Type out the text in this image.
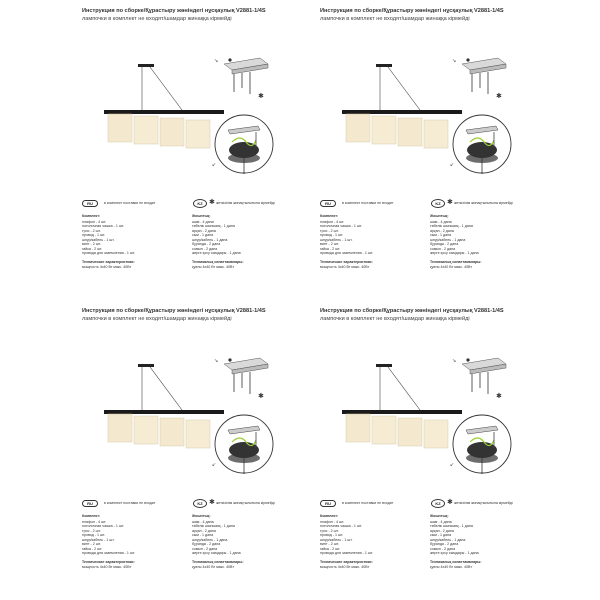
Инструкция по сборке/Құрастыру жөніндегі нұсқаулық V2881-1/4S
лампочки в комплект не входят/шамдар жинаққа кірмейді
✱
↘
↙
RU	в комплект поставки не входит	KZ ✱ жеткізілім жинақтылығына кірмейді
Комплект:
плафон - 4 шт.
потолочная чашка - 1 шт.
трос - 2 шт.
провод - 1 шт.
шнур/кабель - 1 шт.
винт - 2 шт.
гайка - 2 шт.
провода для заземления - 1 шт.
Технические характеристики:
мощность 4х40 Вт макс. 40Вт
Жиынтық:
шам - 4 дана
төбелік шыныаяқ - 1 дана
арқан - 2 дана
сым - 1 дана
шнур/кабель - 1 дана
бұранда - 2 дана
сомын - 2 дана
жерге қосу сымдары - 1 дана
Техникалық сипаттамалары:
қуаты 4х40 Вт макс. 40Вт
Инструкция по сборке/Құрастыру жөніндегі нұсқаулық V2881-1/4S
лампочки в комплект не входят/шамдар жинаққа кірмейді
✱
↘
↙
RU	в комплект поставки не входит	KZ ✱ жеткізілім жинақтылығына кірмейді
Комплект:
плафон - 4 шт.
потолочная чашка - 1 шт.
трос - 2 шт.
провод - 1 шт.
шнур/кабель - 1 шт.
винт - 2 шт.
гайка - 2 шт.
провода для заземления - 1 шт.
Технические характеристики:
мощность 4х40 Вт макс. 40Вт
Жиынтық:
шам - 4 дана
төбелік шыныаяқ - 1 дана
арқан - 2 дана
сым - 1 дана
шнур/кабель - 1 дана
бұранда - 2 дана
сомын - 2 дана
жерге қосу сымдары - 1 дана
Техникалық сипаттамалары:
қуаты 4х40 Вт макс. 40Вт
Инструкция по сборке/Құрастыру жөніндегі нұсқаулық V2881-1/4S
лампочки в комплект не входят/шамдар жинаққа кірмейді
✱
↘
↙
RU	в комплект поставки не входит	KZ ✱ жеткізілім жинақтылығына кірмейді
Комплект:
плафон - 4 шт.
потолочная чашка - 1 шт.
трос - 2 шт.
провод - 1 шт.
шнур/кабель - 1 шт.
винт - 2 шт.
гайка - 2 шт.
провода для заземления - 1 шт.
Технические характеристики:
мощность 4х40 Вт макс. 40Вт
Жиынтық:
шам - 4 дана
төбелік шыныаяқ - 1 дана
арқан - 2 дана
сым - 1 дана
шнур/кабель - 1 дана
бұранда - 2 дана
сомын - 2 дана
жерге қосу сымдары - 1 дана
Техникалық сипаттамалары:
қуаты 4х40 Вт макс. 40Вт
Инструкция по сборке/Құрастыру жөніндегі нұсқаулық V2881-1/4S
лампочки в комплект не входят/шамдар жинаққа кірмейді
✱
↘
↙
RU	в комплект поставки не входит	KZ ✱ жеткізілім жинақтылығына кірмейді
Комплект:
плафон - 4 шт.
потолочная чашка - 1 шт.
трос - 2 шт.
провод - 1 шт.
шнур/кабель - 1 шт.
винт - 2 шт.
гайка - 2 шт.
провода для заземления - 1 шт.
Технические характеристики:
мощность 4х40 Вт макс. 40Вт
Жиынтық:
шам - 4 дана
төбелік шыныаяқ - 1 дана
арқан - 2 дана
сым - 1 дана
шнур/кабель - 1 дана
бұранда - 2 дана
сомын - 2 дана
жерге қосу сымдары - 1 дана
Техникалық сипаттамалары:
қуаты 4х40 Вт макс. 40Вт
